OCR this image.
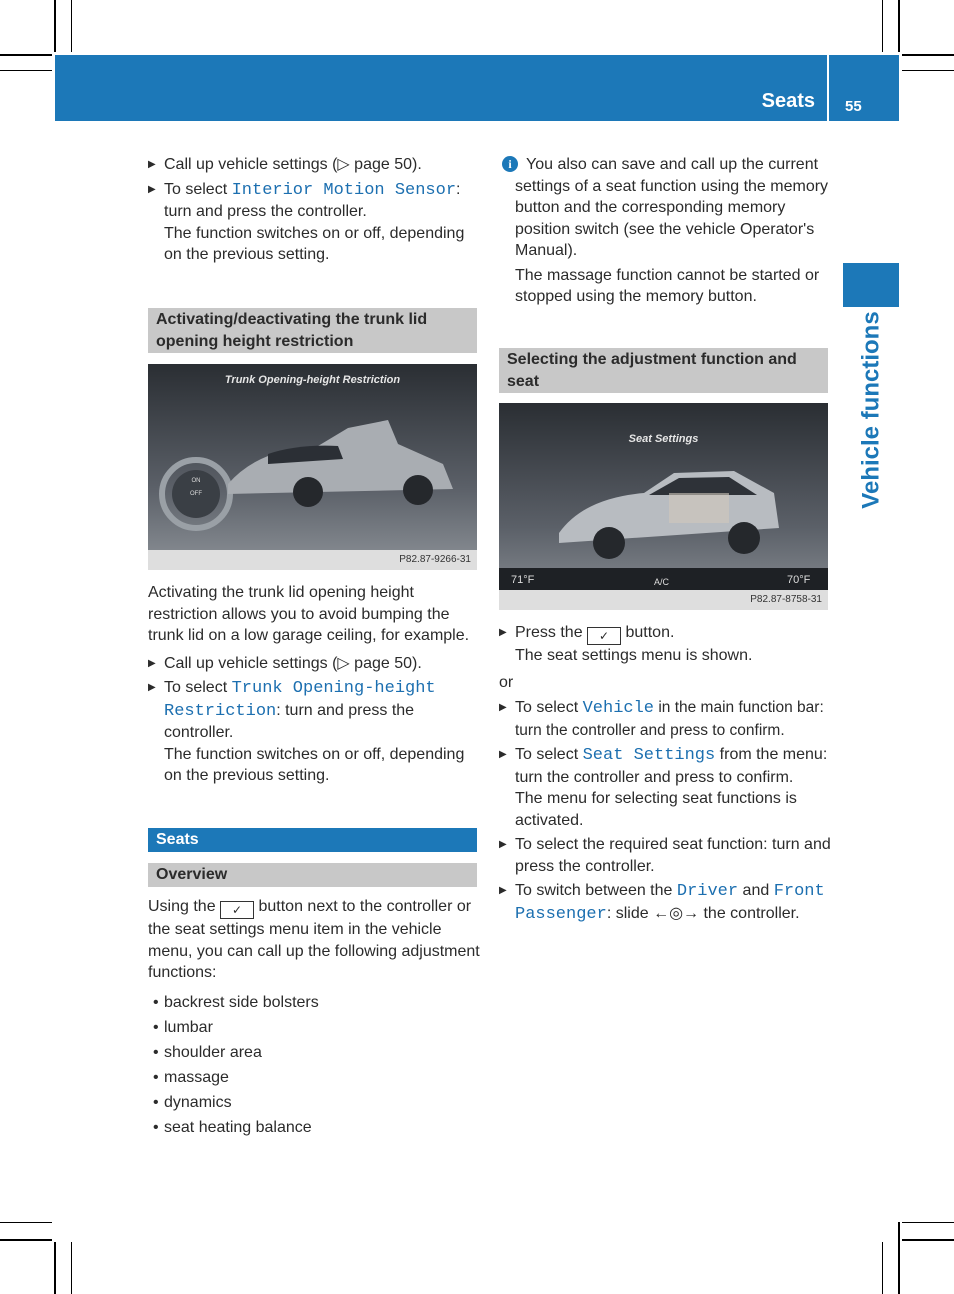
Seats 55
Vehicle functions

▶ Call up vehicle settings (▷ page 50).

▶ To select Interior Motion Sensor: turn and press the controller.

The function switches on or off, depending on the previous setting.

Activating/deactivating the trunk lid opening height restriction
Trunk Opening-height Restriction
ON
OFF
P82.87-9266-31

Activating the trunk lid opening height restriction allows you to avoid bumping the trunk lid on a low garage ceiling, for example.

▶ Call up vehicle settings (▷ page 50).

▶ To select Trunk Opening-height Restriction: turn and press the controller.

The function switches on or off, depending on the previous setting.

Seats
Overview

Using the ✓ button next to the controller or the seat settings menu item in the vehicle menu, you can call up the following adjustment functions:

• backrest side bolsters
• lumbar
• shoulder area
• massage
• dynamics
• seat heating balance
i You also can save and call up the current settings of a seat function using the memory button and the corresponding memory position switch (see the vehicle Operator's Manual).

The massage function cannot be started or stopped using the memory button.

Selecting the adjustment function and seat
Seat Settings
71°F	70°F
A/C
P82.87-8758-31

▶ Press the ✓ button.

The seat settings menu is shown.

or

▶ To select Vehicle in the main function bar: turn the controller and press to confirm.

▶ To select Seat Settings from the menu: turn the controller and press to confirm.

The menu for selecting seat functions is activated.

▶ To select the required seat function: turn and press the controller.

▶ To switch between the Driver and Front Passenger: slide ←◎→ the controller.
